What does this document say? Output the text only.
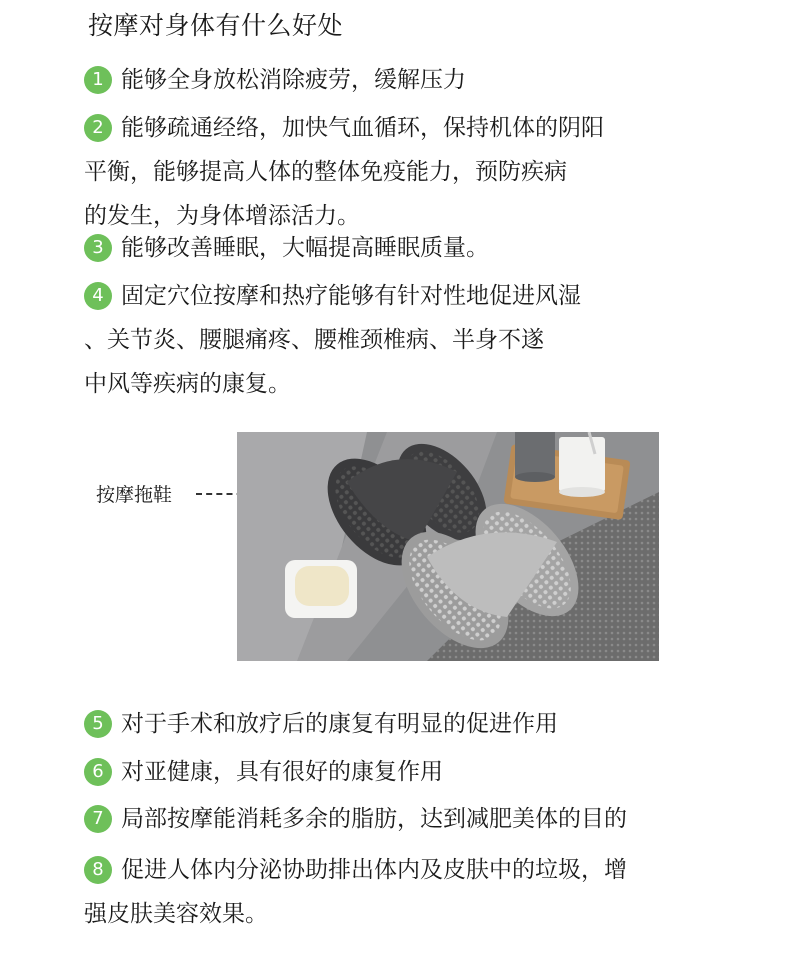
按摩对身体有什么好处
1 能够全身放松消除疲劳，缓解压力
2 能够疏通经络，加快气血循环，保持机体的阴阳
平衡，能够提高人体的整体免疫能力，预防疾病
的发生，为身体增添活力。
3 能够改善睡眠，大幅提高睡眠质量。
4 固定穴位按摩和热疗能够有针对性地促进风湿
、关节炎、腰腿痛疼、腰椎颈椎病、半身不遂
中风等疾病的康复。
按摩拖鞋
5 对于手术和放疗后的康复有明显的促进作用
6 对亚健康，具有很好的康复作用
7 局部按摩能消耗多余的脂肪，达到减肥美体的目的
8 促进人体内分泌协助排出体内及皮肤中的垃圾，增
强皮肤美容效果。
